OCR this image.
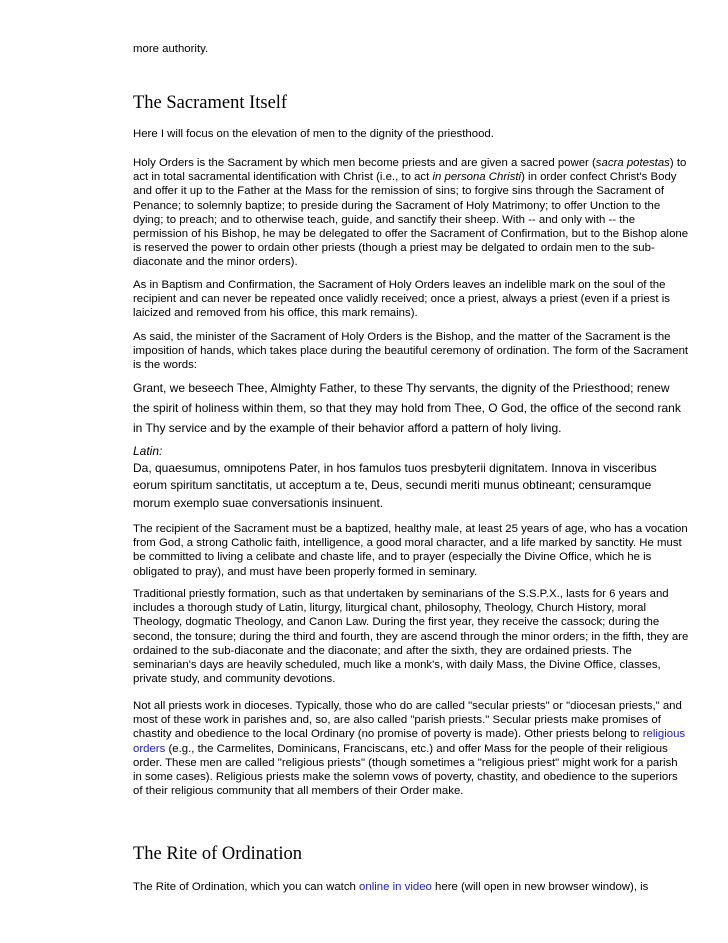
more authority.

The Sacrament Itself

Here I will focus on the elevation of men to the dignity of the priesthood.

Holy Orders is the Sacrament by which men become priests and are given a sacred power (sacra potestas) to act in total sacramental identification with Christ (i.e., to act in persona Christi) in order confect Christ's Body and offer it up to the Father at the Mass for the remission of sins; to forgive sins through the Sacrament of Penance; to solemnly baptize; to preside during the Sacrament of Holy Matrimony; to offer Unction to the dying; to preach; and to otherwise teach, guide, and sanctify their sheep. With -- and only with -- the permission of his Bishop, he may be delegated to offer the Sacrament of Confirmation, but to the Bishop alone is reserved the power to ordain other priests (though a priest may be delgated to ordain men to the sub-diaconate and the minor orders).

As in Baptism and Confirmation, the Sacrament of Holy Orders leaves an indelible mark on the soul of the recipient and can never be repeated once validly received; once a priest, always a priest (even if a priest is laicized and removed from his office, this mark remains).

As said, the minister of the Sacrament of Holy Orders is the Bishop, and the matter of the Sacrament is the imposition of hands, which takes place during the beautiful ceremony of ordination. The form of the Sacrament is the words:

Grant, we beseech Thee, Almighty Father, to these Thy servants, the dignity of the Priesthood; renew the spirit of holiness within them, so that they may hold from Thee, O God, the office of the second rank in Thy service and by the example of their behavior afford a pattern of holy living.

Latin:
Da, quaesumus, omnipotens Pater, in hos famulos tuos presbyterii dignitatem. Innova in visceribus eorum spiritum sanctitatis, ut acceptum a te, Deus, secundi meriti munus obtineant; censuramque morum exemplo suae conversationis insinuent.

The recipient of the Sacrament must be a baptized, healthy male, at least 25 years of age, who has a vocation from God, a strong Catholic faith, intelligence, a good moral character, and a life marked by sanctity. He must be committed to living a celibate and chaste life, and to prayer (especially the Divine Office, which he is obligated to pray), and must have been properly formed in seminary.

Traditional priestly formation, such as that undertaken by seminarians of the S.S.P.X., lasts for 6 years and includes a thorough study of Latin, liturgy, liturgical chant, philosophy, Theology, Church History, moral Theology, dogmatic Theology, and Canon Law. During the first year, they receive the cassock; during the second, the tonsure; during the third and fourth, they are ascend through the minor orders; in the fifth, they are ordained to the sub-diaconate and the diaconate; and after the sixth, they are ordained priests. The seminarian's days are heavily scheduled, much like a monk's, with daily Mass, the Divine Office, classes, private study, and community devotions.

Not all priests work in dioceses. Typically, those who do are called "secular priests" or "diocesan priests," and most of these work in parishes and, so, are also called "parish priests." Secular priests make promises of chastity and obedience to the local Ordinary (no promise of poverty is made). Other priests belong to religious orders (e.g., the Carmelites, Dominicans, Franciscans, etc.) and offer Mass for the people of their religious order. These men are called "religious priests" (though sometimes a "religious priest" might work for a parish in some cases). Religious priests make the solemn vows of poverty, chastity, and obedience to the superiors of their religious community that all members of their Order make.

The Rite of Ordination

The Rite of Ordination, which you can watch online in video here (will open in new browser window), is
